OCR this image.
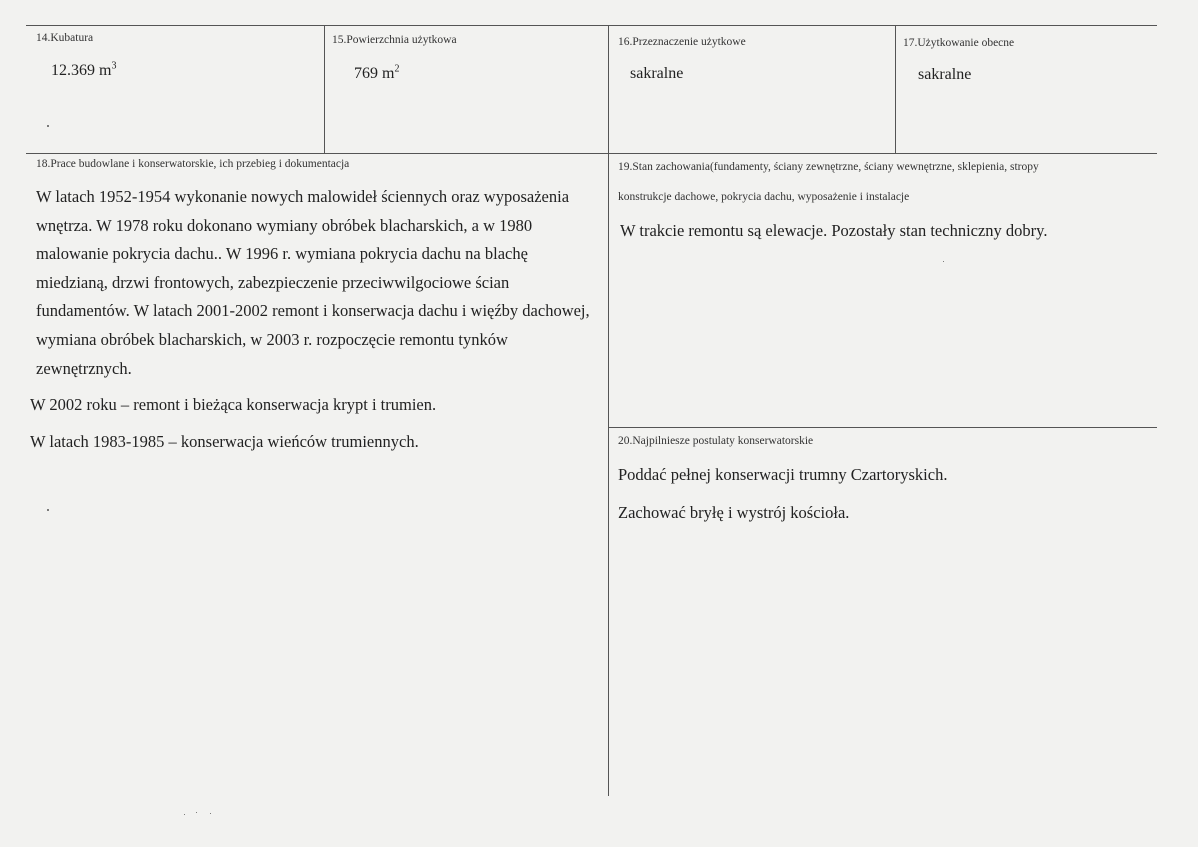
14.Kubatura
12.369 $m^3$
15.Powierzchnia użytkowa
769 $m^2$
16.Przeznaczenie użytkowe
sakralne
17.Użytkowanie obecne
sakralne
18.Prace budowlane i konserwatorskie, ich przebieg i dokumentacja
W latach 1952-1954 wykonanie nowych malowideł ściennych oraz wyposażenia wnętrza. W 1978 roku dokonano wymiany obróbek blacharskich, a w 1980 malowanie pokrycia dachu.. W 1996 r. wymiana pokrycia dachu na blachę miedzianą, drzwi frontowych, zabezpieczenie przeciwwilgociowe ścian fundamentów. W latach 2001-2002 remont i konserwacja dachu i więźby dachowej, wymiana obróbek blacharskich, w 2003 r. rozpoczęcie remontu tynków zewnętrznych.
W 2002 roku – remont i bieżąca konserwacja krypt i trumien.
W latach 1983-1985 – konserwacja wieńców trumiennych.
19.Stan zachowania(fundamenty, ściany zewnętrzne, ściany wewnętrzne, sklepienia, stropy
konstrukcje dachowe, pokrycia dachu, wyposażenie i instalacje
W trakcie remontu są elewacje. Pozostały stan techniczny dobry.
20.Najpilniesze postulaty konserwatorskie
Poddać pełnej konserwacji trumny Czartoryskich.
Zachować bryłę i wystrój kościoła.
